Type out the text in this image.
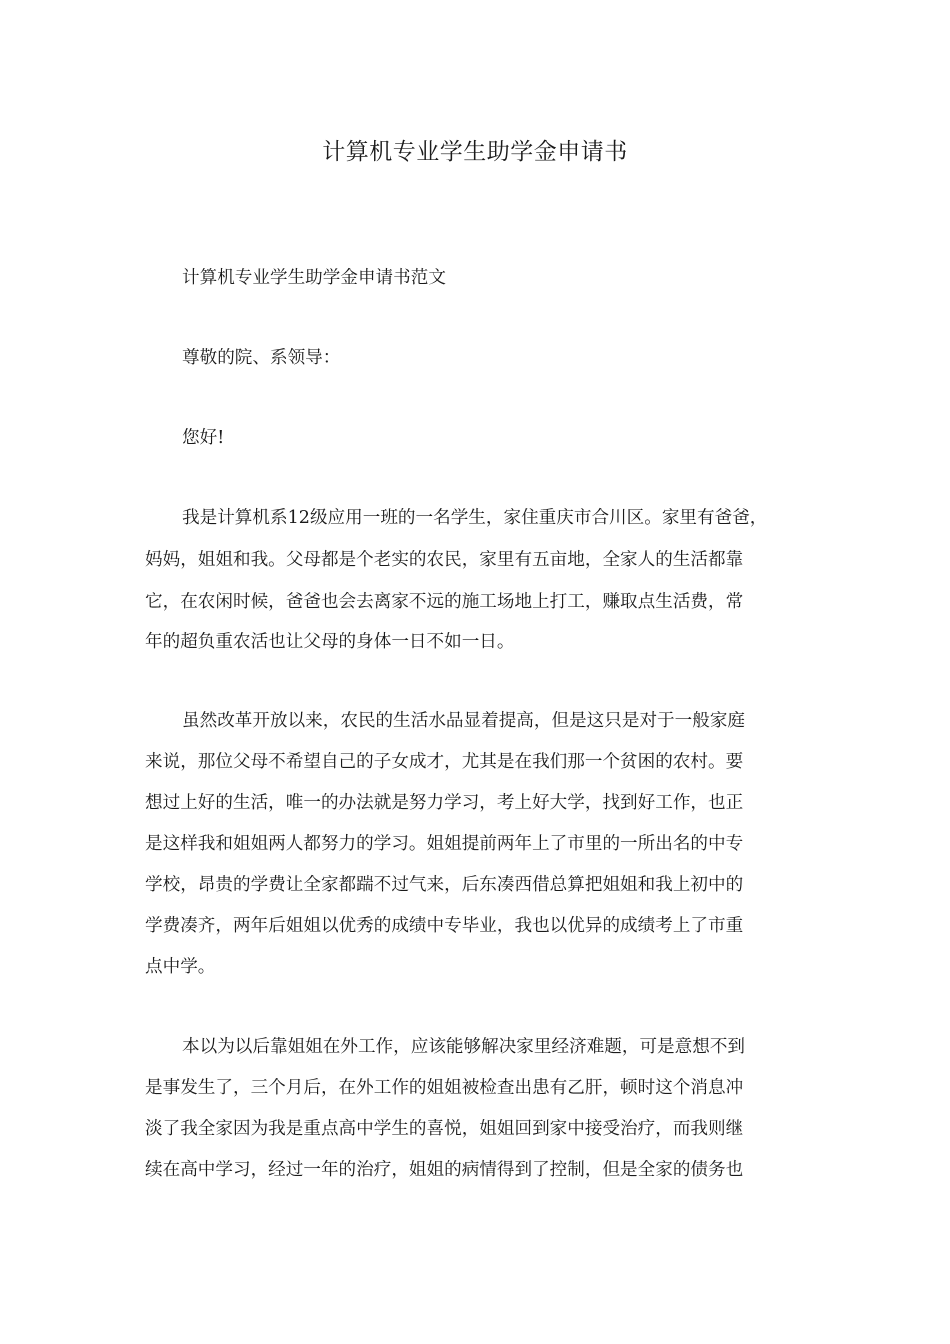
计算机专业学生助学金申请书

计算机专业学生助学金申请书范文

尊敬的院、系领导：

您好!

我是计算机系12级应用一班的一名学生，家住重庆市合川区。家里有爸爸，

妈妈，姐姐和我。父母都是个老实的农民，家里有五亩地，全家人的生活都靠

它，在农闲时候，爸爸也会去离家不远的施工场地上打工，赚取点生活费，常

年的超负重农活也让父母的身体一日不如一日。

虽然改革开放以来，农民的生活水品显着提高，但是这只是对于一般家庭

来说，那位父母不希望自己的子女成才，尤其是在我们那一个贫困的农村。要

想过上好的生活，唯一的办法就是努力学习，考上好大学，找到好工作，也正

是这样我和姐姐两人都努力的学习。姐姐提前两年上了市里的一所出名的中专

学校，昂贵的学费让全家都踹不过气来，后东凑西借总算把姐姐和我上初中的

学费凑齐，两年后姐姐以优秀的成绩中专毕业，我也以优异的成绩考上了市重

点中学。

本以为以后靠姐姐在外工作，应该能够解决家里经济难题，可是意想不到

是事发生了，三个月后，在外工作的姐姐被检查出患有乙肝，顿时这个消息冲

淡了我全家因为我是重点高中学生的喜悦，姐姐回到家中接受治疗，而我则继

续在高中学习，经过一年的治疗，姐姐的病情得到了控制，但是全家的债务也
